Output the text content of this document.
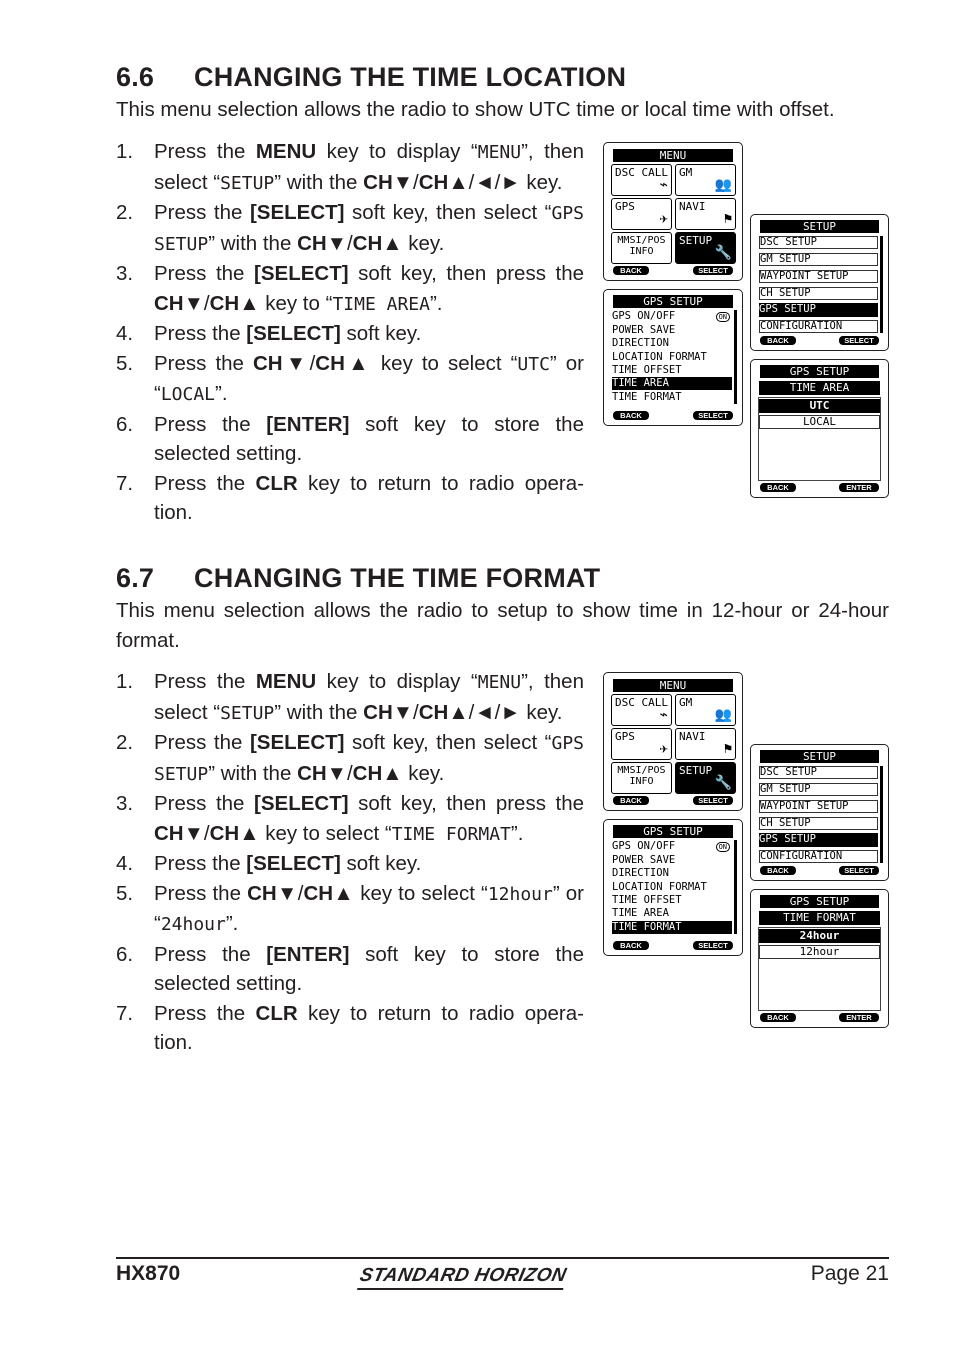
6.6 CHANGING THE TIME LOCATION

This menu selection allows the radio to show UTC time or local time with offset.

1. Press the MENU key to display “MENU”, then select “SETUP” with the CH▼/CH▲/◄/► key.
2. Press the [SELECT] soft key, then select “GPS SETUP” with the CH▼/CH▲ key.
3. Press the [SELECT] soft key, then press the CH▼/CH▲ key to “TIME AREA”.
4. Press the [SELECT] soft key.
5. Press the CH▼/CH▲ key to select “UTC” or “LOCAL”.
6. Press the [ENTER] soft key to store the selected setting.
7. Press the CLR key to return to radio opera-tion.
MENU
DSC CALL
⌁
GM
👥
GPS
✈
NAVI
⚑
MMSI/POS INFO
SETUP
🔧
BACK	SELECT
SETUP
DSC SETUP
GM SETUP
WAYPOINT SETUP
CH SETUP
GPS SETUP
CONFIGURATION
BACK	SELECT
GPS SETUP
GPS ON/OFF	ON
POWER SAVE
DIRECTION
LOCATION FORMAT
TIME OFFSET
TIME AREA
TIME FORMAT
BACK	SELECT
GPS SETUP
TIME AREA
UTC
LOCAL
BACK	ENTER
6.7 CHANGING THE TIME FORMAT

This menu selection allows the radio to setup to show time in 12-hour or 24-hour format.

1. Press the MENU key to display “MENU”, then select “SETUP” with the CH▼/CH▲/◄/► key.
2. Press the [SELECT] soft key, then select “GPS SETUP” with the CH▼/CH▲ key.
3. Press the [SELECT] soft key, then press the CH▼/CH▲ key to select “TIME FORMAT”.
4. Press the [SELECT] soft key.
5. Press the CH▼/CH▲ key to select “12hour” or “24hour”.
6. Press the [ENTER] soft key to store the selected setting.
7. Press the CLR key to return to radio opera-tion.
MENU
DSC CALL
⌁
GM
👥
GPS
✈
NAVI
⚑
MMSI/POS INFO
SETUP
🔧
BACK	SELECT
SETUP
DSC SETUP
GM SETUP
WAYPOINT SETUP
CH SETUP
GPS SETUP
CONFIGURATION
BACK	SELECT
GPS SETUP
GPS ON/OFF	ON
POWER SAVE
DIRECTION
LOCATION FORMAT
TIME OFFSET
TIME AREA
TIME FORMAT
BACK	SELECT
GPS SETUP
TIME FORMAT
24hour
12hour
BACK	ENTER
HX870	STANDARD HORIZON	Page 21
